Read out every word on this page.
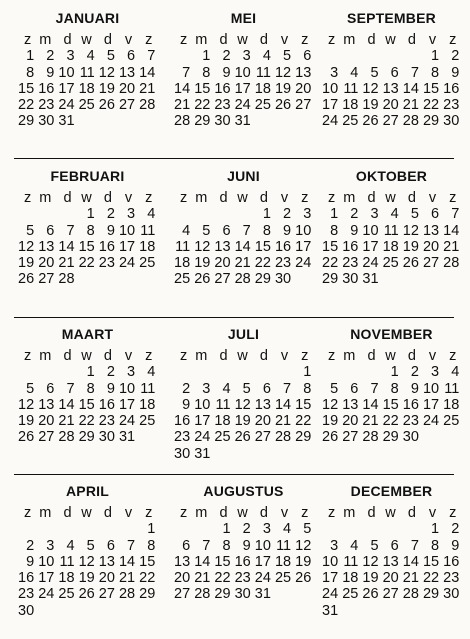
JANUARI
z m d w d v z
1 2 3 4 5 6 7
8 9 10 11 12 13 14
15 16 17 18 19 20 21
22 23 24 25 26 27 28
29 30 31
MEI
z m d w d v z
1 2 3 4 5 6
7 8 9 10 11 12 13
14 15 16 17 18 19 20
21 22 23 24 25 26 27
28 29 30 31
SEPTEMBER
z m d w d v z
1 2
3 4 5 6 7 8 9
10 11 12 13 14 15 16
17 18 19 20 21 22 23
24 25 26 27 28 29 30
FEBRUARI
z m d w d v z
1 2 3 4
5 6 7 8 9 10 11
12 13 14 15 16 17 18
19 20 21 22 23 24 25
26 27 28
JUNI
z m d w d v z
1 2 3
4 5 6 7 8 9 10
11 12 13 14 15 16 17
18 19 20 21 22 23 24
25 26 27 28 29 30
OKTOBER
z m d w d v z
1 2 3 4 5 6 7
8 9 10 11 12 13 14
15 16 17 18 19 20 21
22 23 24 25 26 27 28
29 30 31
MAART
z m d w d v z
1 2 3 4
5 6 7 8 9 10 11
12 13 14 15 16 17 18
19 20 21 22 23 24 25
26 27 28 29 30 31
JULI
z m d w d v z
1
2 3 4 5 6 7 8
9 10 11 12 13 14 15
16 17 18 19 20 21 22
23 24 25 26 27 28 29
30 31
NOVEMBER
z m d w d v z
1 2 3 4
5 6 7 8 9 10 11
12 13 14 15 16 17 18
19 20 21 22 23 24 25
26 27 28 29 30
APRIL
z m d w d v z
1
2 3 4 5 6 7 8
9 10 11 12 13 14 15
16 17 18 19 20 21 22
23 24 25 26 27 28 29
30
AUGUSTUS
z m d w d v z
1 2 3 4 5
6 7 8 9 10 11 12
13 14 15 16 17 18 19
20 21 22 23 24 25 26
27 28 29 30 31
DECEMBER
z m d w d v z
1 2
3 4 5 6 7 8 9
10 11 12 13 14 15 16
17 18 19 20 21 22 23
24 25 26 27 28 29 30
31
